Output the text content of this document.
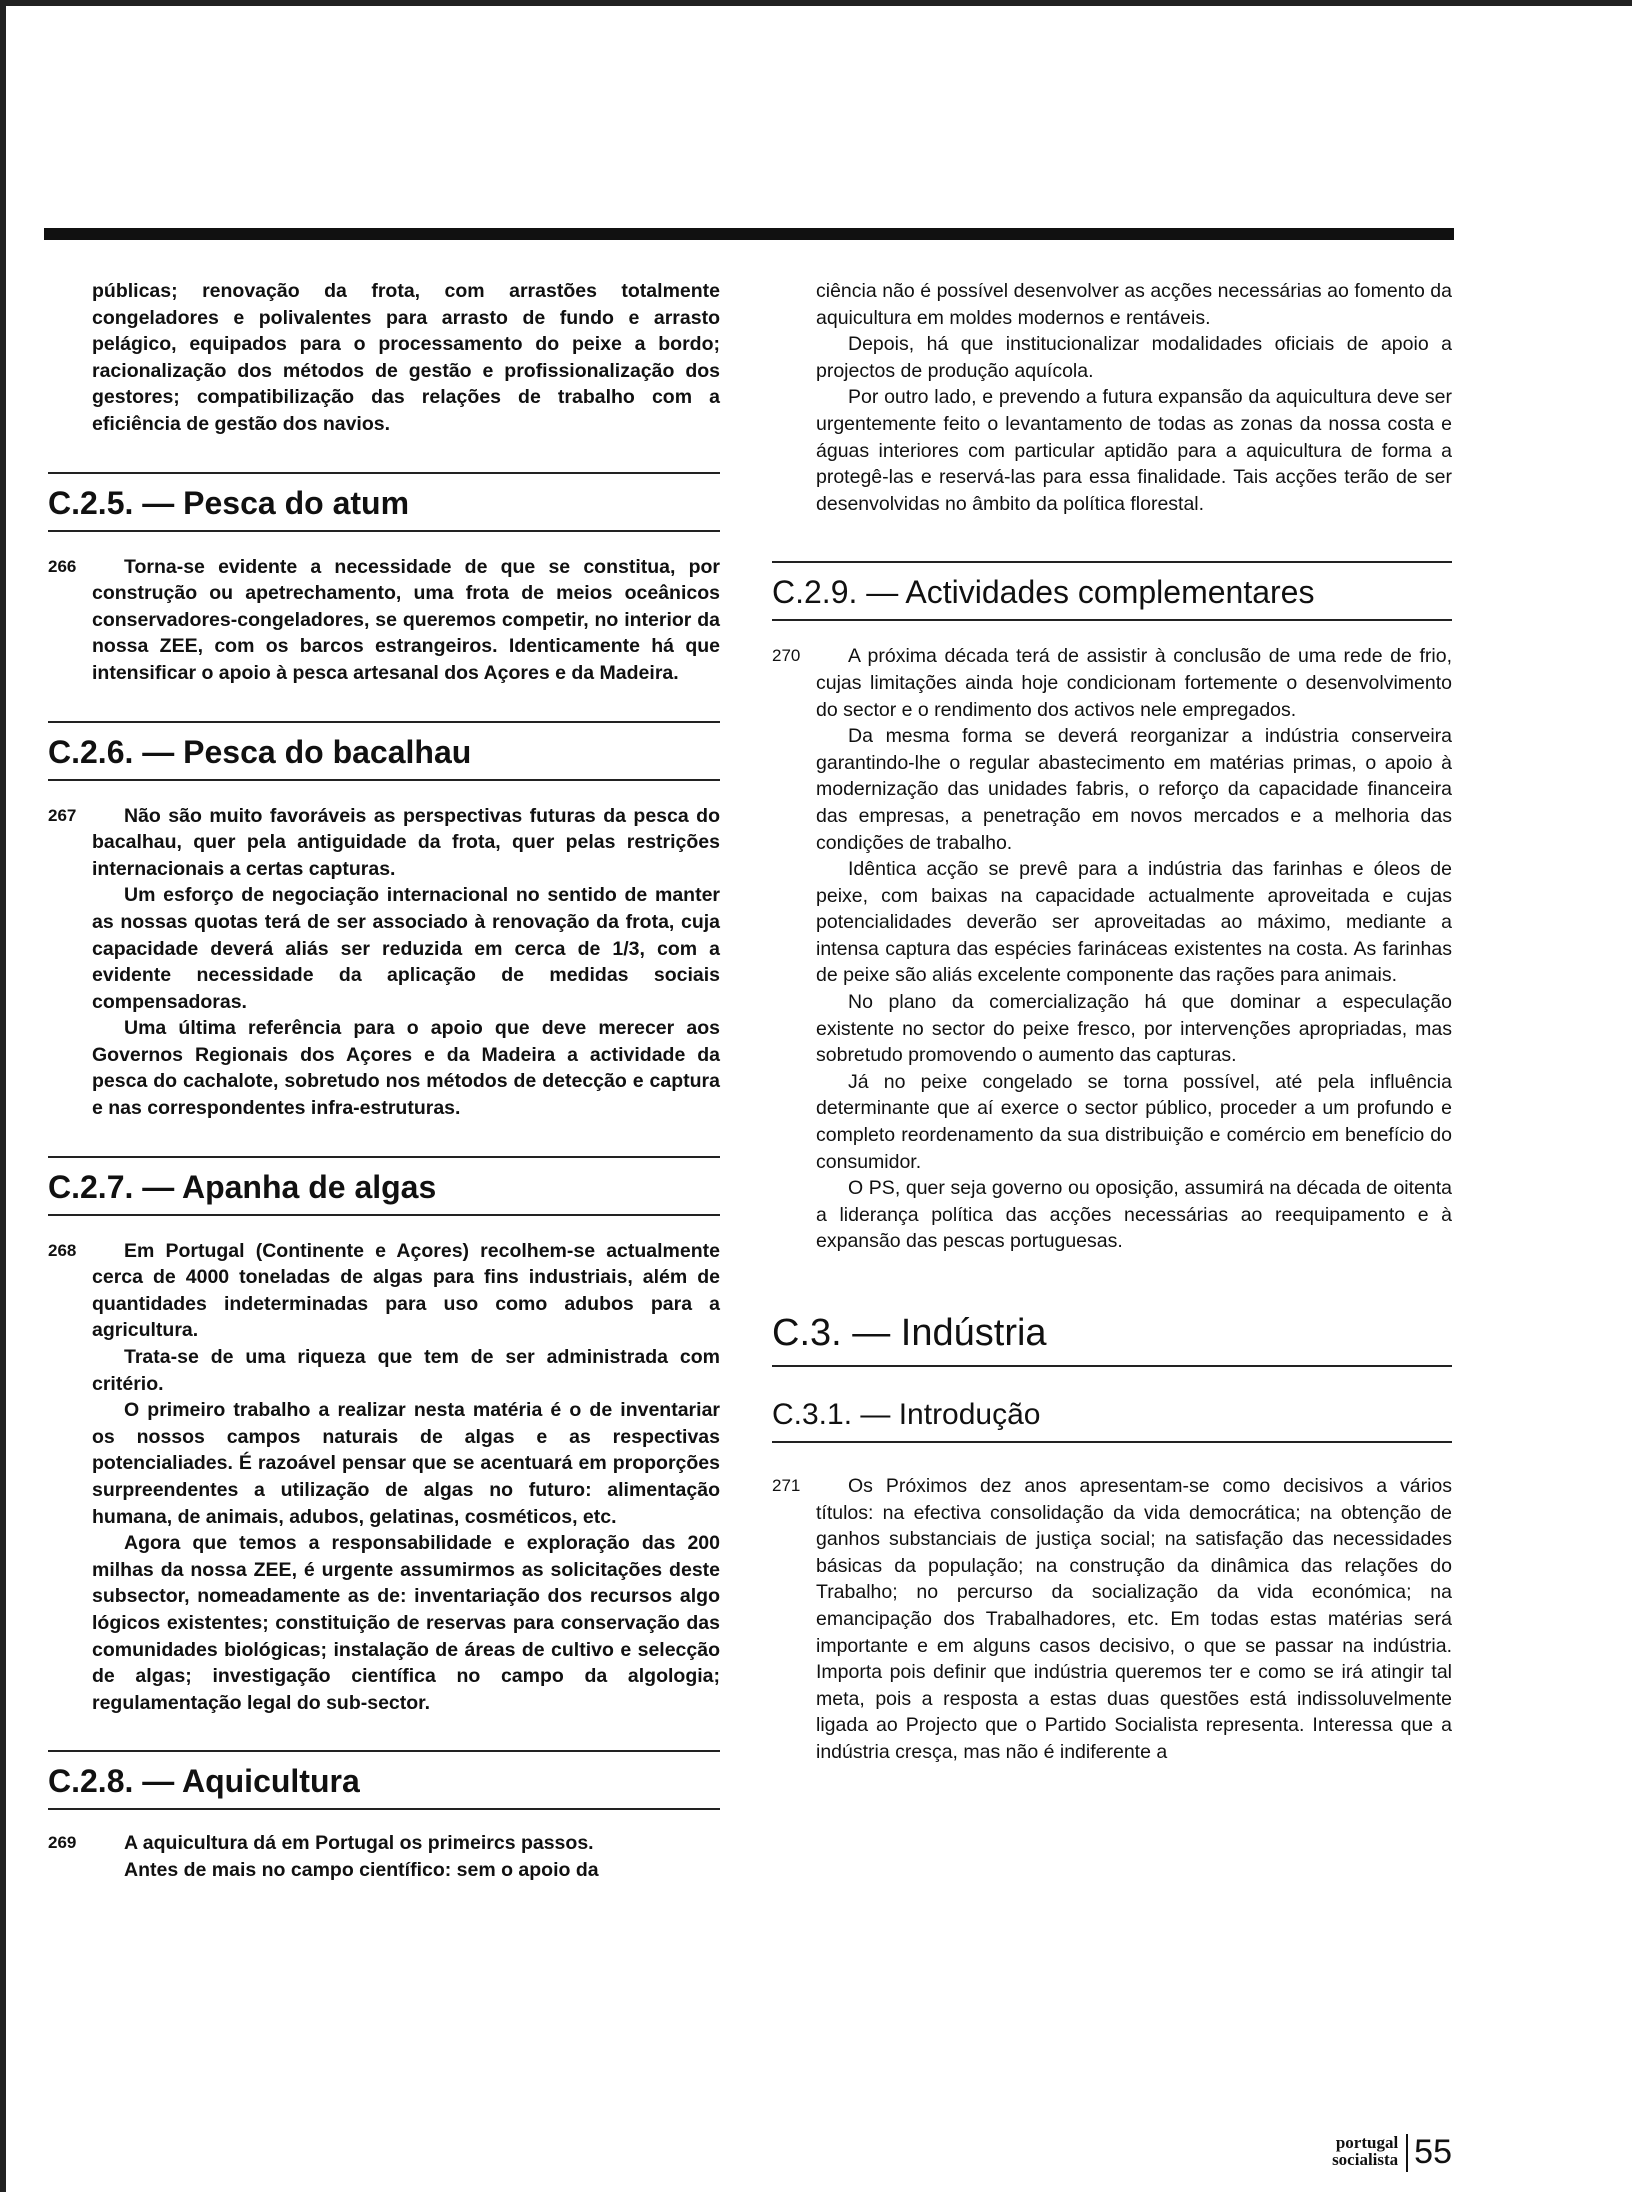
públicas; renovação da frota, com arrastões totalmente congeladores e polivalentes para arrasto de fundo e arrasto pelágico, equipados para o processamento do peixe a bordo; racionalização dos métodos de gestão e profissionalização dos gestores; compatibilização das relações de trabalho com a eficiência de gestão dos navios.

C.2.5. — Pesca do atum
266	Torna-se evidente a necessidade de que se constitua, por construção ou apetrechamento, uma frota de meios oceânicos conservadores-congeladores, se queremos competir, no interior da nossa ZEE, com os barcos estrangeiros. Identicamente há que intensificar o apoio à pesca artesanal dos Açores e da Madeira.

C.2.6. — Pesca do bacalhau
267	Não são muito favoráveis as perspectivas futuras da pesca do bacalhau, quer pela antiguidade da frota, quer pelas restrições internacionais a certas capturas.

Um esforço de negociação internacional no sentido de manter as nossas quotas terá de ser associado à renovação da frota, cuja capacidade deverá aliás ser reduzida em cerca de 1/3, com a evidente necessidade da aplicação de medidas sociais compensadoras.

Uma última referência para o apoio que deve merecer aos Governos Regionais dos Açores e da Madeira a actividade da pesca do cachalote, sobretudo nos métodos de detecção e captura e nas correspondentes infra-estruturas.

C.2.7. — Apanha de algas
268	Em Portugal (Continente e Açores) recolhem-se actualmente cerca de 4000 toneladas de algas para fins industriais, além de quantidades indeterminadas para uso como adubos para a agricultura.

Trata-se de uma riqueza que tem de ser administrada com critério.

O primeiro trabalho a realizar nesta matéria é o de inventariar os nossos campos naturais de algas e as respectivas potencialiades. É razoável pensar que se acentuará em proporções surpreendentes a utilização de algas no futuro: alimentação humana, de animais, adubos, gelatinas, cosméticos, etc.

Agora que temos a responsabilidade e exploração das 200 milhas da nossa ZEE, é urgente assumirmos as solicitações deste subsector, nomeadamente as de: inventariação dos recursos algo lógicos existentes; constituição de reservas para conservação das comunidades biológicas; instalação de áreas de cultivo e selecção de algas; investigação científica no campo da algologia; regulamentação legal do sub-sector.

C.2.8. — Aquicultura
269	A aquicultura dá em Portugal os primeircs passos.

Antes de mais no campo científico: sem o apoio da

ciência não é possível desenvolver as acções necessárias ao fomento da aquicultura em moldes modernos e rentáveis.

Depois, há que institucionalizar modalidades oficiais de apoio a projectos de produção aquícola.

Por outro lado, e prevendo a futura expansão da aquicultura deve ser urgentemente feito o levantamento de todas as zonas da nossa costa e águas interiores com particular aptidão para a aquicultura de forma a protegê-las e reservá-las para essa finalidade. Tais acções terão de ser desenvolvidas no âmbito da política florestal.

C.2.9. — Actividades complementares
270	A próxima década terá de assistir à conclusão de uma rede de frio, cujas limitações ainda hoje condicionam fortemente o desenvolvimento do sector e o rendimento dos activos nele empregados.

Da mesma forma se deverá reorganizar a indústria conserveira garantindo-lhe o regular abastecimento em matérias primas, o apoio à modernização das unidades fabris, o reforço da capacidade financeira das empresas, a penetração em novos mercados e a melhoria das condições de trabalho.

Idêntica acção se prevê para a indústria das farinhas e óleos de peixe, com baixas na capacidade actualmente aproveitada e cujas potencialidades deverão ser aproveitadas ao máximo, mediante a intensa captura das espécies farináceas existentes na costa. As farinhas de peixe são aliás excelente componente das rações para animais.

No plano da comercialização há que dominar a especulação existente no sector do peixe fresco, por intervenções apropriadas, mas sobretudo promovendo o aumento das capturas.

Já no peixe congelado se torna possível, até pela influência determinante que aí exerce o sector público, proceder a um profundo e completo reordenamento da sua distribuição e comércio em benefício do consumidor.

O PS, quer seja governo ou oposição, assumirá na década de oitenta a liderança política das acções necessárias ao reequipamento e à expansão das pescas portuguesas.

C.3. — Indústria
C.3.1. — Introdução
271	Os Próximos dez anos apresentam-se como decisivos a vários títulos: na efectiva consolidação da vida democrática; na obtenção de ganhos substanciais de justiça social; na satisfação das necessidades básicas da população; na construção da dinâmica das relações do Trabalho; no percurso da socialização da vida económica; na emancipação dos Trabalhadores, etc. Em todas estas matérias será importante e em alguns casos decisivo, o que se passar na indústria. Importa pois definir que indústria queremos ter e como se irá atingir tal meta, pois a resposta a estas duas questões está indissoluvelmente ligada ao Projecto que o Partido Socialista representa. Interessa que a indústria cresça, mas não é indiferente a

portugal
socialista 55
